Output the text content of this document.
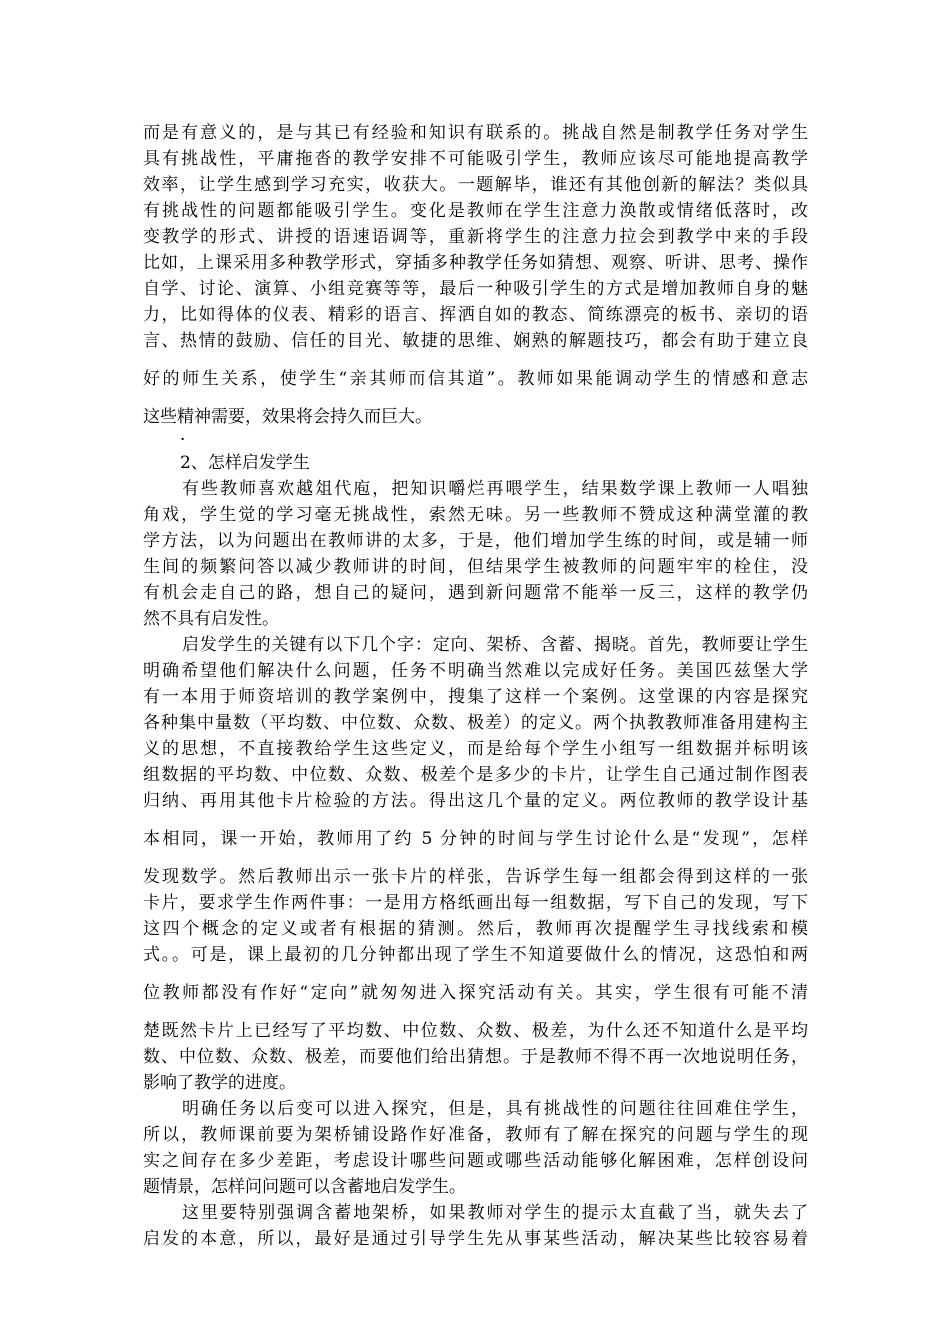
而是有意义的，是与其已有经验和知识有联系的。挑战自然是制教学任务对学生
具有挑战性，平庸拖沓的教学安排不可能吸引学生，教师应该尽可能地提高教学
效率，让学生感到学习充实，收获大。一题解毕，谁还有其他创新的解法？类似具
有挑战性的问题都能吸引学生。变化是教师在学生注意力涣散或情绪低落时，改
变教学的形式、讲授的语速语调等，重新将学生的注意力拉会到教学中来的手段
比如，上课采用多种教学形式，穿插多种教学任务如猜想、观察、听讲、思考、操作
自学、讨论、演算、小组竞赛等等，最后一种吸引学生的方式是增加教师自身的魅
力，比如得体的仪表、精彩的语言、挥洒自如的教态、简练漂亮的板书、亲切的语
言、热情的鼓励、信任的目光、敏捷的思维、娴熟的解题技巧，都会有助于建立良
好的师生关系，使学生“亲其师而信其道”。教师如果能调动学生的情感和意志
这些精神需要，效果将会持久而巨大。
·
2、怎样启发学生
有些教师喜欢越俎代庖，把知识嚼烂再喂学生，结果数学课上教师一人唱独
角戏，学生觉的学习毫无挑战性，索然无味。另一些教师不赞成这种满堂灌的教
学方法，以为问题出在教师讲的太多，于是，他们增加学生练的时间，或是辅一师
生间的频繁问答以减少教师讲的时间，但结果学生被教师的问题牢牢的栓住，没
有机会走自己的路，想自己的疑问，遇到新问题常不能举一反三，这样的教学仍
然不具有启发性。
启发学生的关键有以下几个字：定向、架桥、含蓄、揭晓。首先，教师要让学生
明确希望他们解决什么问题，任务不明确当然难以完成好任务。美国匹兹堡大学
有一本用于师资培训的教学案例中，搜集了这样一个案例。这堂课的内容是探究
各种集中量数（平均数、中位数、众数、极差）的定义。两个执教教师准备用建构主
义的思想，不直接教给学生这些定义，而是给每个学生小组写一组数据并标明该
组数据的平均数、中位数、众数、极差个是多少的卡片，让学生自己通过制作图表
归纳、再用其他卡片检验的方法。得出这几个量的定义。两位教师的教学设计基
本相同，课一开始，教师用了约 5 分钟的时间与学生讨论什么是“发现”，怎样
发现数学。然后教师出示一张卡片的样张，告诉学生每一组都会得到这样的一张
卡片，要求学生作两件事：一是用方格纸画出每一组数据，写下自己的发现，写下
这四个概念的定义或者有根据的猜测。然后，教师再次提醒学生寻找线索和模
式。。可是，课上最初的几分钟都出现了学生不知道要做什么的情况，这恐怕和两
位教师都没有作好“定向”就匆匆进入探究活动有关。其实，学生很有可能不清
楚既然卡片上已经写了平均数、中位数、众数、极差，为什么还不知道什么是平均
数、中位数、众数、极差，而要他们给出猜想。于是教师不得不再一次地说明任务，
影响了教学的进度。
明确任务以后变可以进入探究，但是，具有挑战性的问题往往回难住学生，
所以，教师课前要为架桥铺设路作好准备，教师有了解在探究的问题与学生的现
实之间存在多少差距，考虑设计哪些问题或哪些活动能够化解困难，怎样创设问
题情景，怎样问问题可以含蓄地启发学生。
这里要特别强调含蓄地架桥，如果教师对学生的提示太直截了当，就失去了
启发的本意，所以，最好是通过引导学生先从事某些活动，解决某些比较容易着
